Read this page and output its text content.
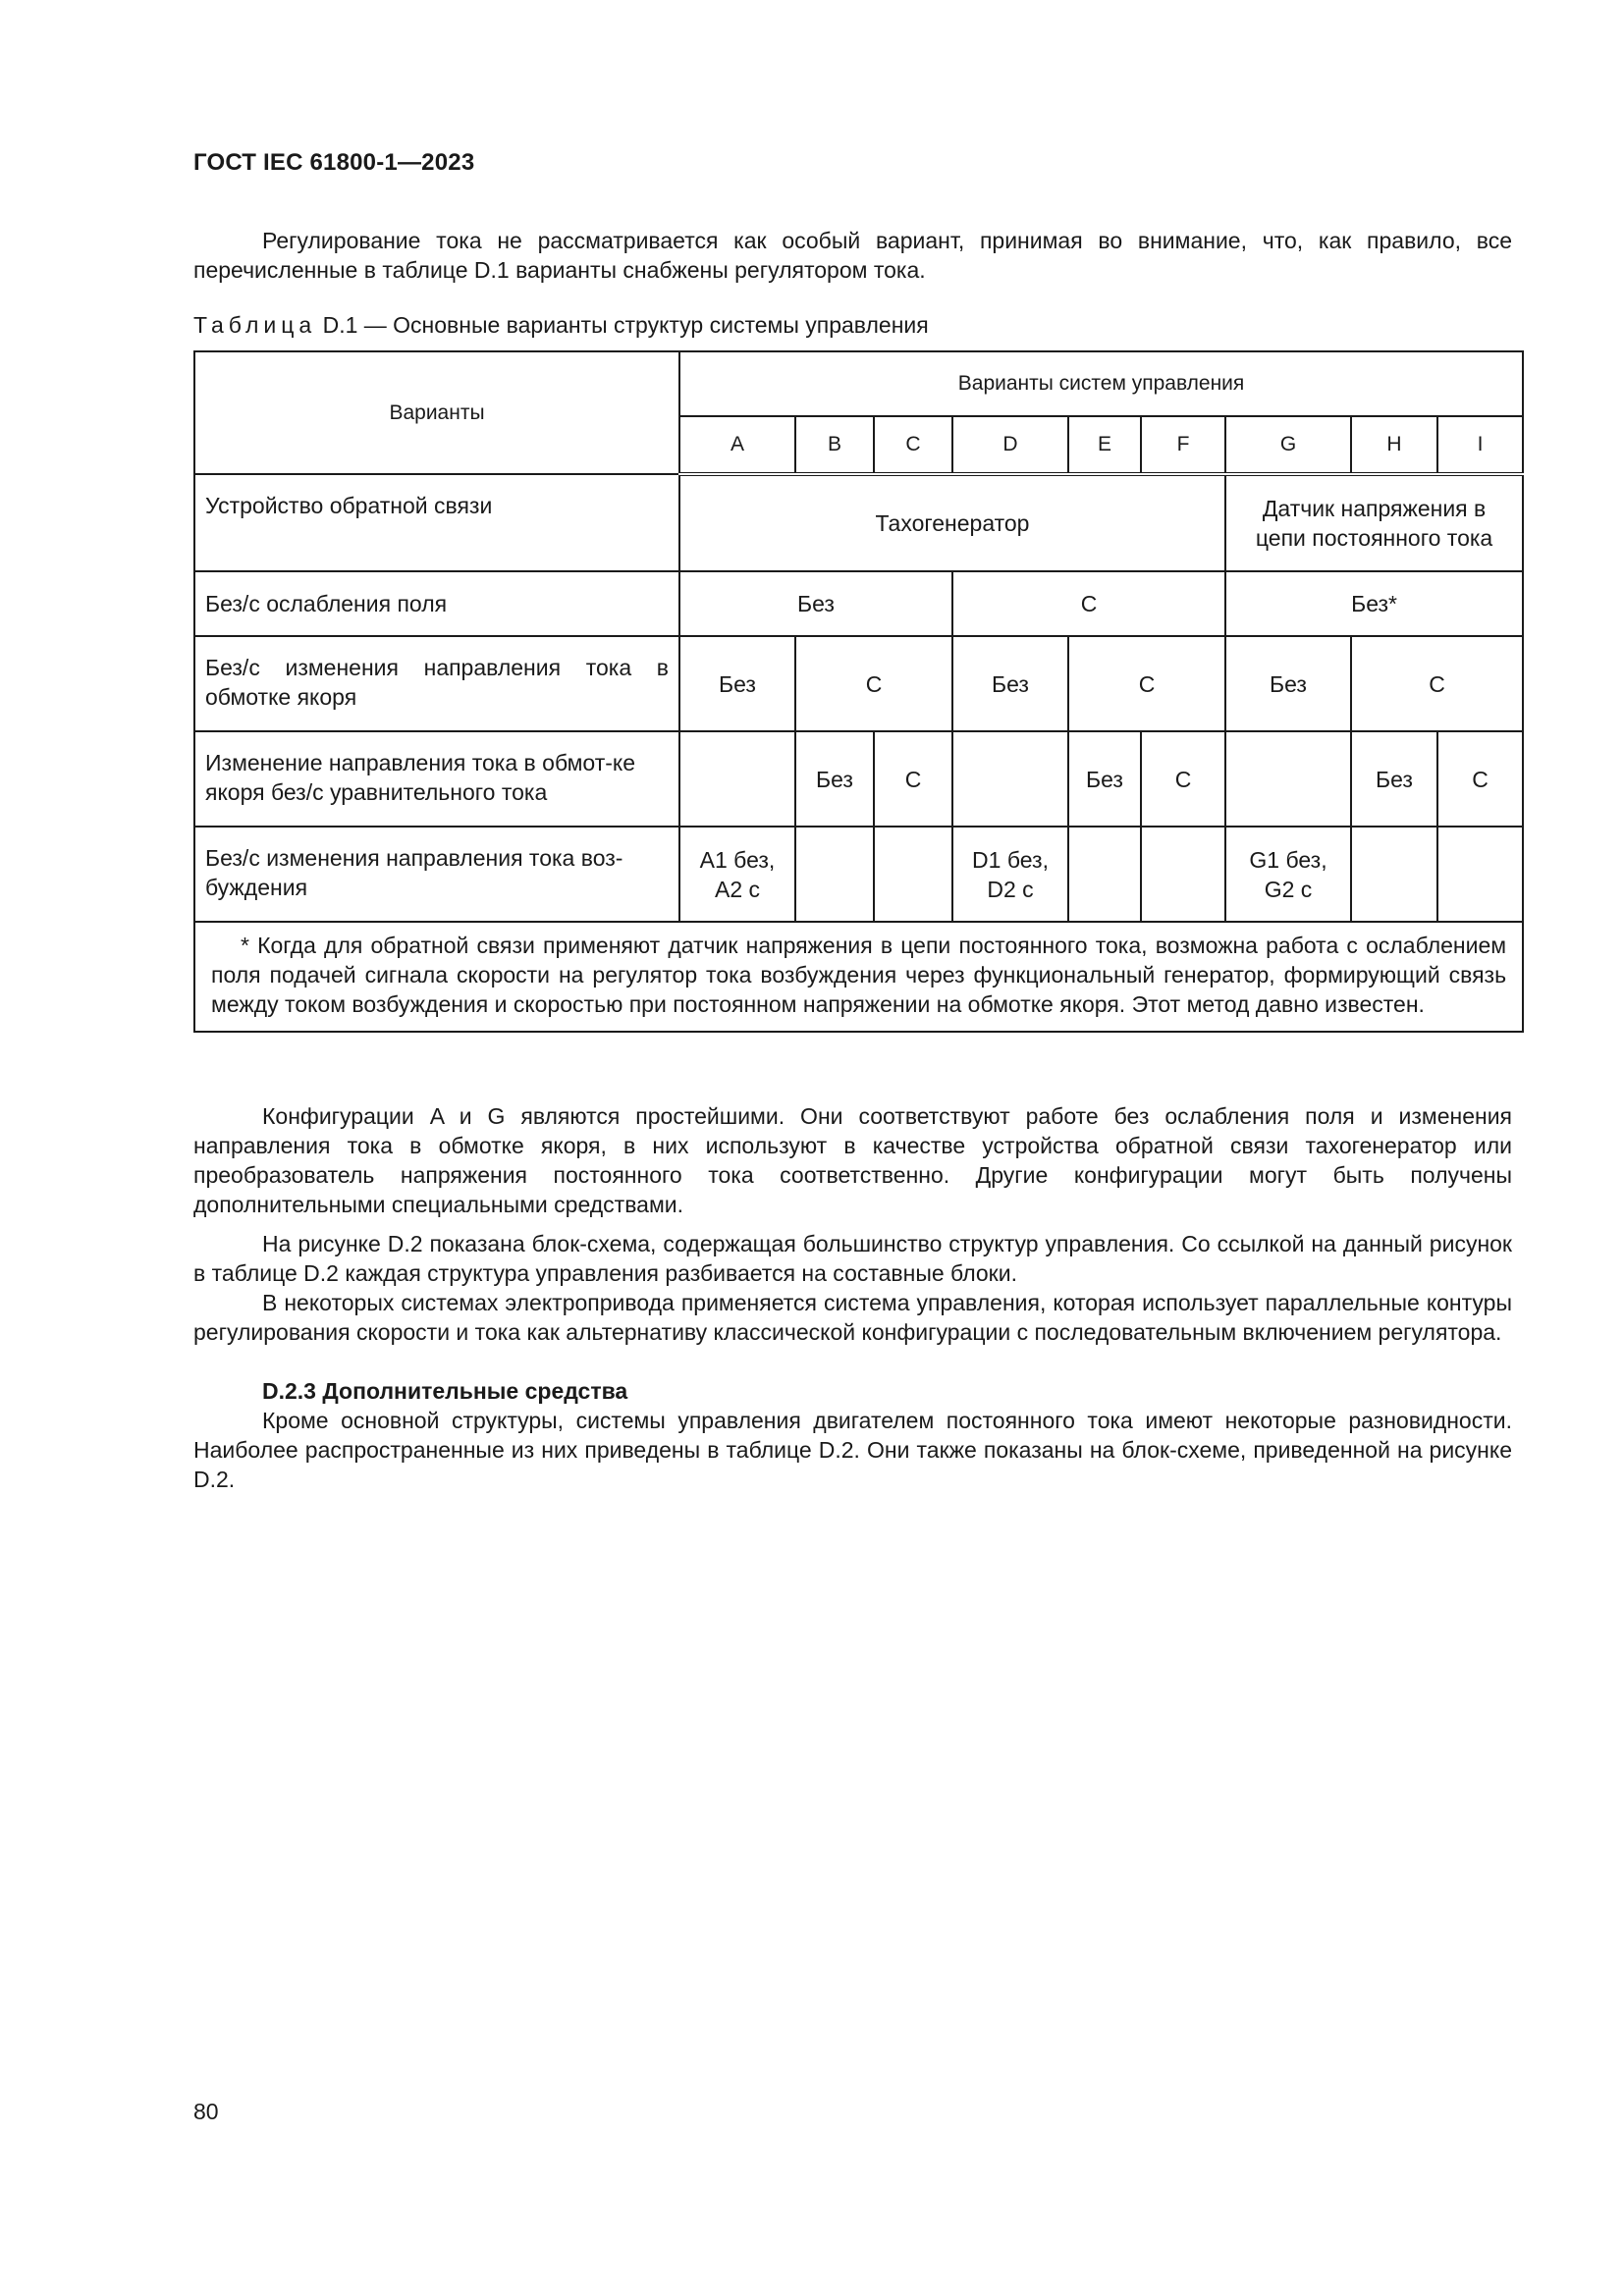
ГОСТ IEC 61800-1—2023

Регулирование тока не рассматривается как особый вариант, принимая во внимание, что, как правило, все перечисленные в таблице D.1 варианты снабжены регулятором тока.

Таблица D.1 — Основные варианты структур системы управления
Варианты	Варианты систем управления								
	A	B	C	D	E	F	G	H	I
Устройство обратной связи	Тахогенератор						Датчик напряжения в цепи постоянного тока		
Без/с ослабления поля	Без			С			Без*		
Без/с изменения направления тока в обмотке якоря	Без	С		Без	С		Без	С	
Изменение направления тока в обмот-ке якоря без/с уравнительного тока		Без	С		Без	С		Без	С
Без/с изменения направления тока воз-буждения	A1 без, A2 с			D1 без, D2 с			G1 без, G2 с		
* Когда для обратной связи применяют датчик напряжения в цепи постоянного тока, возможна работа с ослаблением поля подачей сигнала скорости на регулятор тока возбуждения через функциональный генератор, формирующий связь между током возбуждения и скоростью при постоянном напряжении на обмотке якоря. Этот метод давно известен.									

Конфигурации A и G являются простейшими. Они соответствуют работе без ослабления поля и изменения направления тока в обмотке якоря, в них используют в качестве устройства обратной связи тахогенератор или преобразователь напряжения постоянного тока соответственно. Другие конфигурации могут быть получены дополнительными специальными средствами.

На рисунке D.2 показана блок-схема, содержащая большинство структур управления. Со ссылкой на данный рисунок в таблице D.2 каждая структура управления разбивается на составные блоки.

В некоторых системах электропривода применяется система управления, которая использует параллельные контуры регулирования скорости и тока как альтернативу классической конфигурации с последовательным включением регулятора.

D.2.3 Дополнительные средства

Кроме основной структуры, системы управления двигателем постоянного тока имеют некоторые разновидности. Наиболее распространенные из них приведены в таблице D.2. Они также показаны на блок-схеме, приведенной на рисунке D.2.

80
